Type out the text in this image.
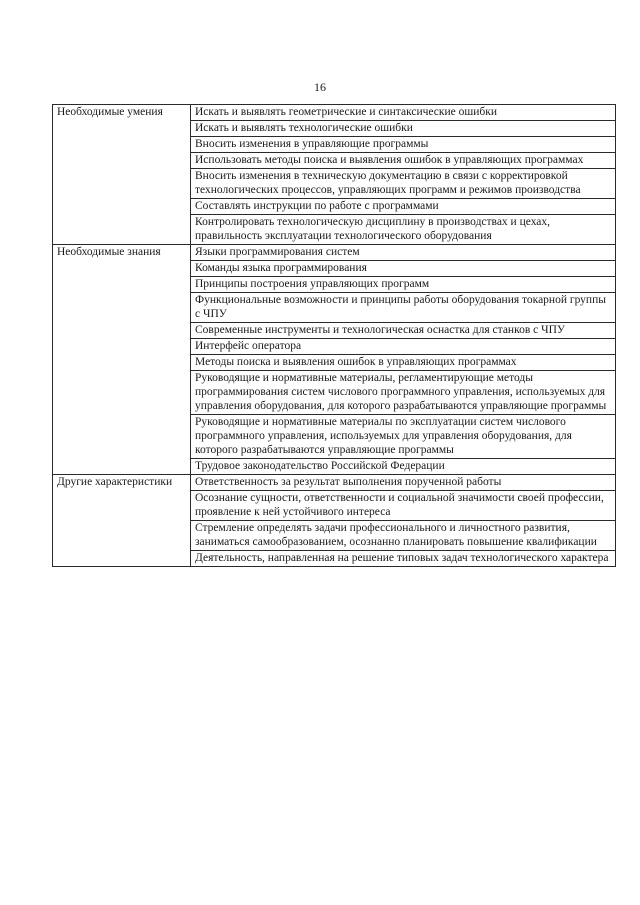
16
Необходимые умения	Искать и выявлять геометрические и синтаксические ошибки
	Искать и выявлять технологические ошибки
	Вносить изменения в управляющие программы
	Использовать методы поиска и выявления ошибок в управляющих программах
	Вносить изменения в техническую документацию в связи с корректировкой технологических процессов, управляющих программ и режимов производства
	Составлять инструкции по работе с программами
	Контролировать технологическую дисциплину в производствах и цехах, правильность эксплуатации технологического оборудования
Необходимые знания	Языки программирования систем
	Команды языка программирования
	Принципы построения управляющих программ
	Функциональные возможности и принципы работы оборудования токарной группы с ЧПУ
	Современные инструменты и технологическая оснастка для станков с ЧПУ
	Интерфейс оператора
	Методы поиска и выявления ошибок в управляющих программах
	Руководящие и нормативные материалы, регламентирующие методы программирования систем числового программного управления, используемых для управления оборудования, для которого разрабатываются управляющие программы
	Руководящие и нормативные материалы по эксплуатации систем числового программного управления, используемых для управления оборудования, для которого разрабатываются управляющие программы
	Трудовое законодательство Российской Федерации
Другие характеристики	Ответственность за результат выполнения порученной работы
	Осознание сущности, ответственности и социальной значимости своей профессии, проявление к ней устойчивого интереса
	Стремление определять задачи профессионального и личностного развития, заниматься самообразованием, осознанно планировать повышение квалификации
	Деятельность, направленная на решение типовых задач технологического характера
